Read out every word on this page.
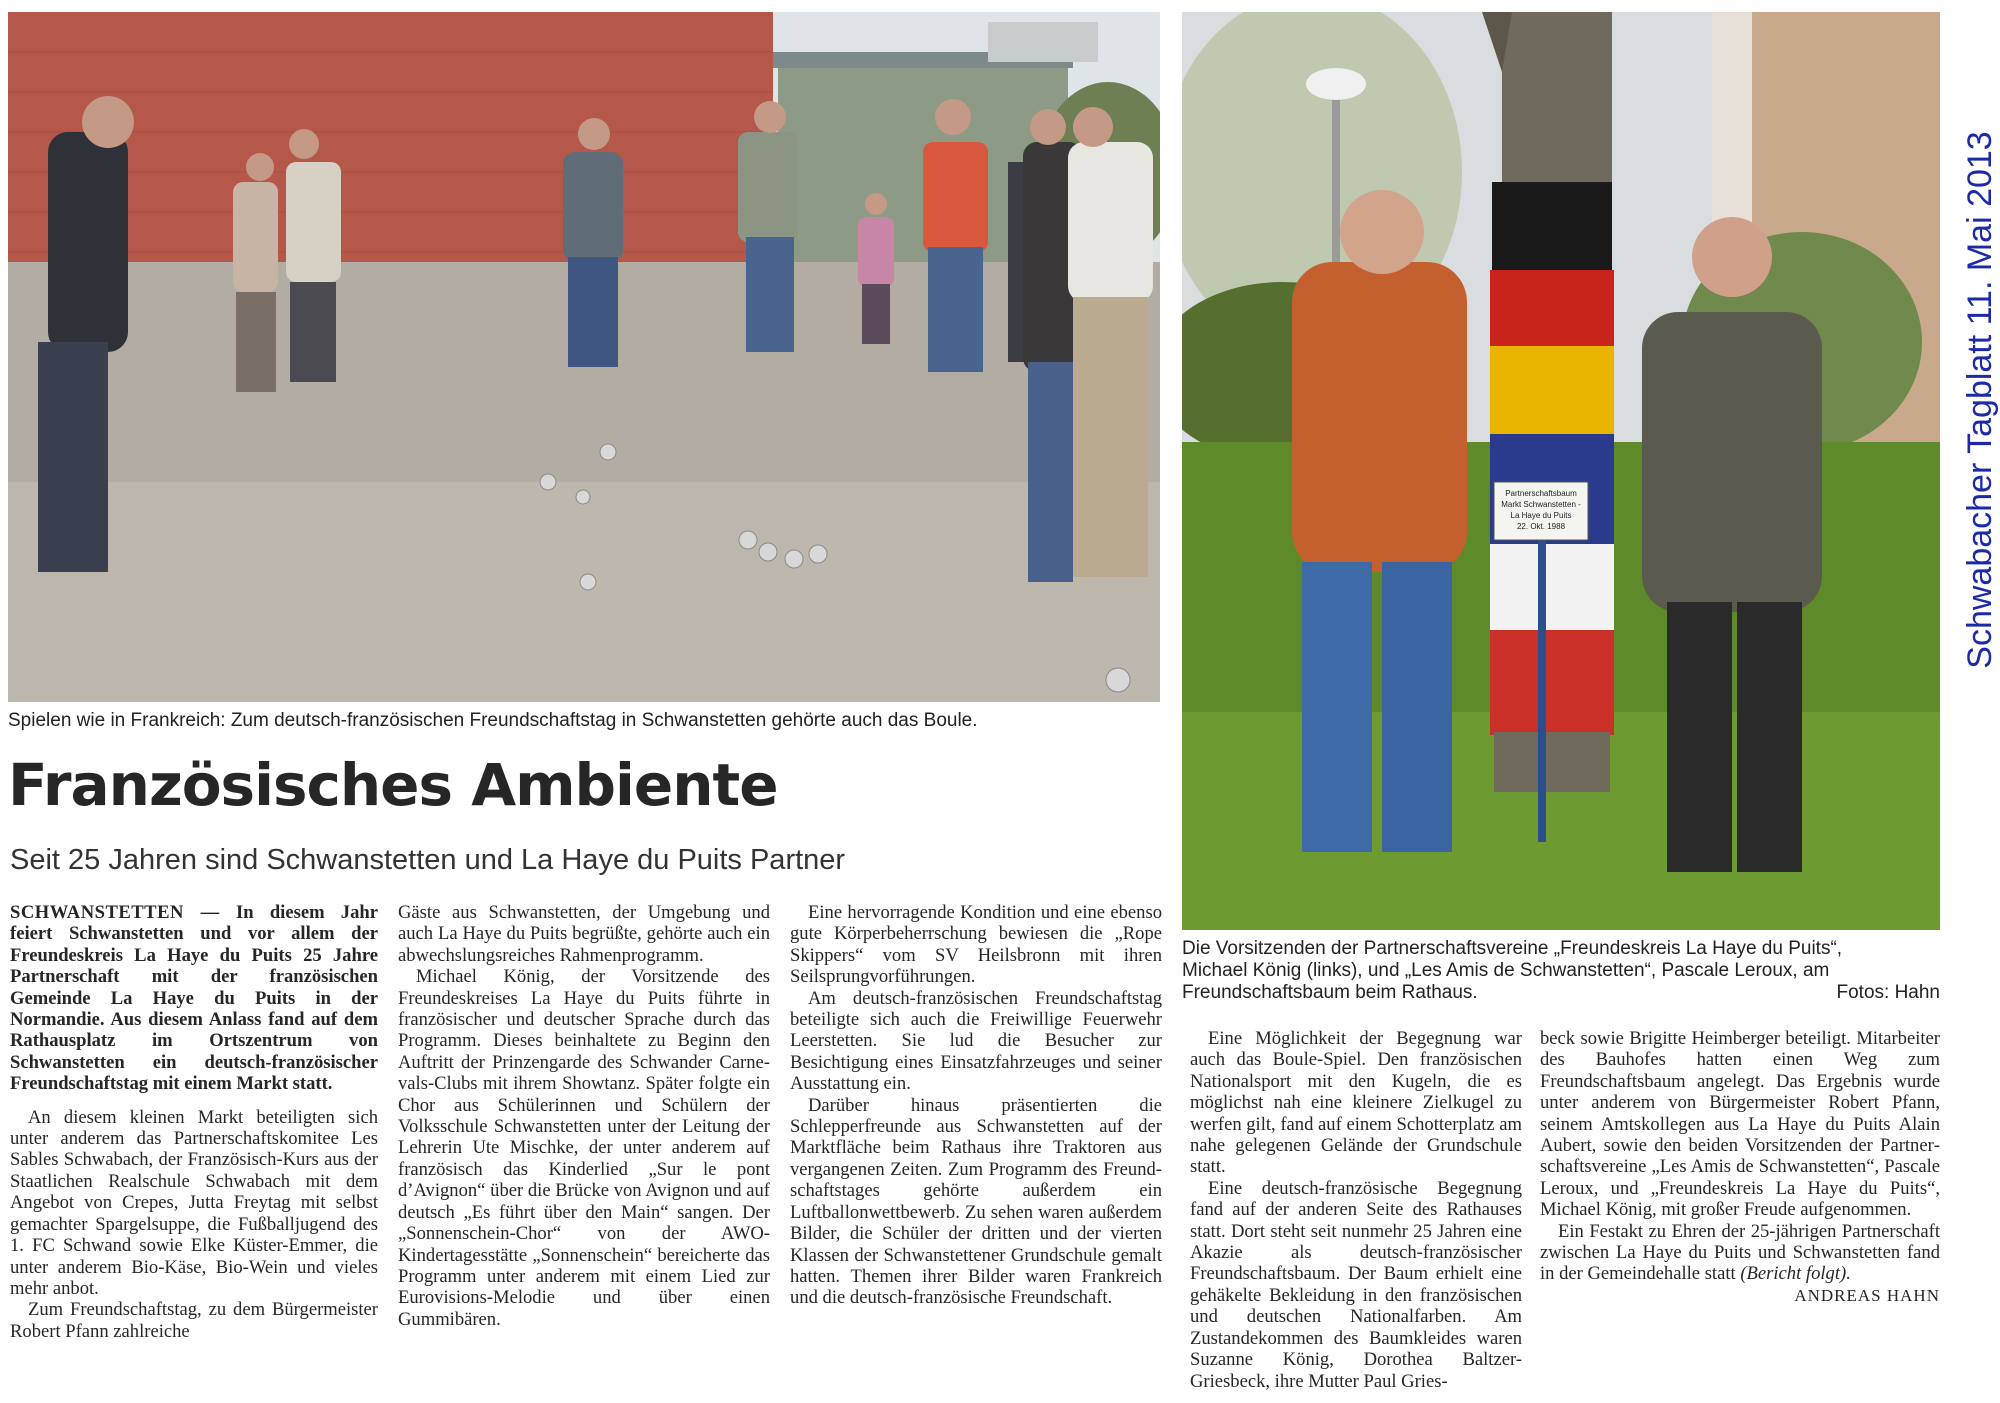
Spielen wie in Frankreich: Zum deutsch-französischen Freundschaftstag in Schwanstetten gehörte auch das Boule.
Partnerschaftsbaum
Markt Schwanstetten -
La Haye du Puits
22. Okt. 1988
Die Vorsitzenden der Partnerschaftsvereine „Freundeskreis La Haye du Puits“,
Michael König (links), und „Les Amis de Schwanstetten“, Pascale Leroux, am
Freundschaftsbaum beim Rathaus.	Fotos: Hahn
Französisches Ambiente
Seit 25 Jahren sind Schwanstetten und La Haye du Puits Partner

SCHWANSTETTEN — In diesem Jahr feiert Schwanstetten und vor allem der Freundeskreis La Haye du Puits 25 Jahre Partnerschaft mit der französischen Gemeinde La Haye du Puits in der Normandie. Aus diesem Anlass fand auf dem Rathausplatz im Ortszentrum von Schwanstetten ein deutsch-französischer Freundschaftstag mit einem Markt statt.

An diesem kleinen Markt beteiligten sich unter anderem das Partnerschaftskomitee Les Sables Schwabach, der Französisch-Kurs aus der Staatlichen Realschule Schwabach mit dem Angebot von Crepes, Jutta Freytag mit selbst gemachter Spargelsuppe, die Fußballjugend des 1. FC Schwand sowie Elke Küster-Emmer, die unter anderem Bio-Käse, Bio-Wein und vieles mehr anbot.

Zum Freundschaftstag, zu dem Bürgermeister Robert Pfann zahlreiche

Gäste aus Schwanstetten, der Umgebung und auch La Haye du Puits begrüßte, gehörte auch ein abwechslungsreiches Rahmenprogramm.

Michael König, der Vorsitzende des Freundeskreises La Haye du Puits führte in französischer und deutscher Sprache durch das Programm. Dieses beinhaltete zu Beginn den Auftritt der Prinzengarde des Schwander Carnevals-Clubs mit ihrem Showtanz. Später folgte ein Chor aus Schülerinnen und Schülern der Volksschule Schwanstetten unter der Leitung der Lehrerin Ute Mischke, der unter anderem auf französisch das Kinderlied „Sur le pont d’Avignon“ über die Brücke von Avignon und auf deutsch „Es führt über den Main“ sangen. Der „Sonnenschein-Chor“ von der AWO-Kindertagesstätte „Sonnenschein“ bereicherte das Programm unter anderem mit einem Lied zur Eurovisions-Melodie und über einen Gummibären.

Eine hervorragende Kondition und eine ebenso gute Körperbeherrschung bewiesen die „Rope Skippers“ vom SV Heilsbronn mit ihren Seilsprungvorführungen.

Am deutsch-französischen Freundschaftstag beteiligte sich auch die Freiwillige Feuerwehr Leerstetten. Sie lud die Besucher zur Besichtigung eines Einsatzfahrzeuges und seiner Ausstattung ein.

Darüber hinaus präsentierten die Schlepperfreunde aus Schwanstetten auf der Marktfläche beim Rathaus ihre Traktoren aus vergangenen Zeiten. Zum Programm des Freundschaftstages gehörte außerdem ein Luftballonwettbewerb. Zu sehen waren außerdem Bilder, die Schüler der dritten und der vierten Klassen der Schwanstettener Grundschule gemalt hatten. Themen ihrer Bilder waren Frankreich und die deutsch-französische Freundschaft.

Eine Möglichkeit der Begegnung war auch das Boule-Spiel. Den französischen Nationalsport mit den Kugeln, die es möglichst nah eine kleinere Zielkugel zu werfen gilt, fand auf einem Schotterplatz am nahe gelegenen Gelände der Grundschule statt.

Eine deutsch-französische Begegnung fand auf der anderen Seite des Rathauses statt. Dort steht seit nunmehr 25 Jahren eine Akazie als deutsch-französischer Freundschaftsbaum. Der Baum erhielt eine gehäkelte Bekleidung in den französischen und deutschen Nationalfarben. Am Zustandekommen des Baumkleides waren Suzanne König, Dorothea Baltzer-Griesbeck, ihre Mutter Paul Gries-

beck sowie Brigitte Heimberger beteiligt. Mitarbeiter des Bauhofes hatten einen Weg zum Freundschaftsbaum angelegt. Das Ergebnis wurde unter anderem von Bürgermeister Robert Pfann, seinem Amtskollegen aus La Haye du Puits Alain Aubert, sowie den beiden Vorsitzenden der Partnerschaftsvereine „Les Amis de Schwanstetten“, Pascale Leroux, und „Freundeskreis La Haye du Puits“, Michael König, mit großer Freude aufgenommen.

Ein Festakt zu Ehren der 25-jährigen Partnerschaft zwischen La Haye du Puits und Schwanstetten fand in der Gemeindehalle statt (Bericht folgt).

ANDREAS HAHN
Schwabacher Tagblatt 11. Mai 2013
